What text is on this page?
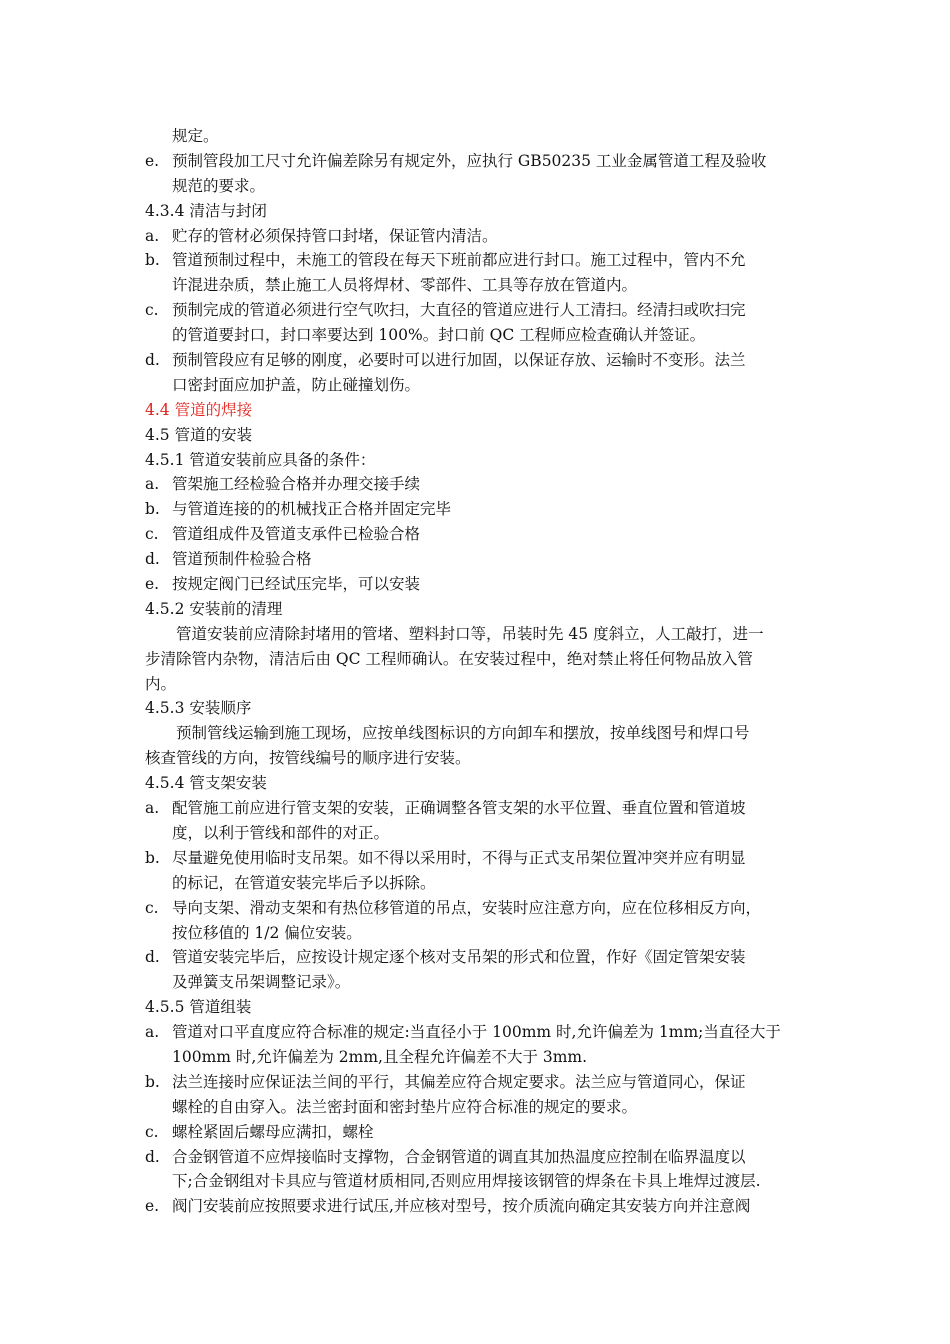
规定。
e. 预制管段加工尺寸允许偏差除另有规定外，应执行 GB50235 工业金属管道工程及验收
规范的要求。
4.3.4 清洁与封闭
a. 贮存的管材必须保持管口封堵，保证管内清洁。
b. 管道预制过程中，未施工的管段在每天下班前都应进行封口。施工过程中，管内不允
许混进杂质，禁止施工人员将焊材、零部件、工具等存放在管道内。
c. 预制完成的管道必须进行空气吹扫，大直径的管道应进行人工清扫。经清扫或吹扫完
的管道要封口，封口率要达到 100%。封口前 QC 工程师应检查确认并签证。
d. 预制管段应有足够的刚度，必要时可以进行加固，以保证存放、运输时不变形。法兰
口密封面应加护盖，防止碰撞划伤。
4.4 管道的焊接
4.5 管道的安装
4.5.1 管道安装前应具备的条件：
a. 管架施工经检验合格并办理交接手续
b. 与管道连接的的机械找正合格并固定完毕
c. 管道组成件及管道支承件已检验合格
d. 管道预制件检验合格
e. 按规定阀门已经试压完毕，可以安装
4.5.2 安装前的清理
管道安装前应清除封堵用的管堵、塑料封口等，吊装时先 45 度斜立，人工敲打，进一
步清除管内杂物，清洁后由 QC 工程师确认。在安装过程中，绝对禁止将任何物品放入管
内。
4.5.3 安装顺序
预制管线运输到施工现场，应按单线图标识的方向卸车和摆放，按单线图号和焊口号
核查管线的方向，按管线编号的顺序进行安装。
4.5.4 管支架安装
a. 配管施工前应进行管支架的安装，正确调整各管支架的水平位置、垂直位置和管道坡
度，以利于管线和部件的对正。
b. 尽量避免使用临时支吊架。如不得以采用时，不得与正式支吊架位置冲突并应有明显
的标记，在管道安装完毕后予以拆除。
c. 导向支架、滑动支架和有热位移管道的吊点，安装时应注意方向，应在位移相反方向，
按位移值的 1/2 偏位安装。
d. 管道安装完毕后，应按设计规定逐个核对支吊架的形式和位置，作好《固定管架安装
及弹簧支吊架调整记录》。
4.5.5 管道组装
a. 管道对口平直度应符合标准的规定:当直径小于 100mm 时,允许偏差为 1mm;当直径大于
100mm 时,允许偏差为 2mm,且全程允许偏差不大于 3mm.
b. 法兰连接时应保证法兰间的平行，其偏差应符合规定要求。法兰应与管道同心，保证
螺栓的自由穿入。法兰密封面和密封垫片应符合标准的规定的要求。
c. 螺栓紧固后螺母应满扣，螺栓
d. 合金钢管道不应焊接临时支撑物，合金钢管道的调直其加热温度应控制在临界温度以
下;合金钢组对卡具应与管道材质相同,否则应用焊接该钢管的焊条在卡具上堆焊过渡层.
e. 阀门安装前应按照要求进行试压,并应核对型号，按介质流向确定其安装方向并注意阀
